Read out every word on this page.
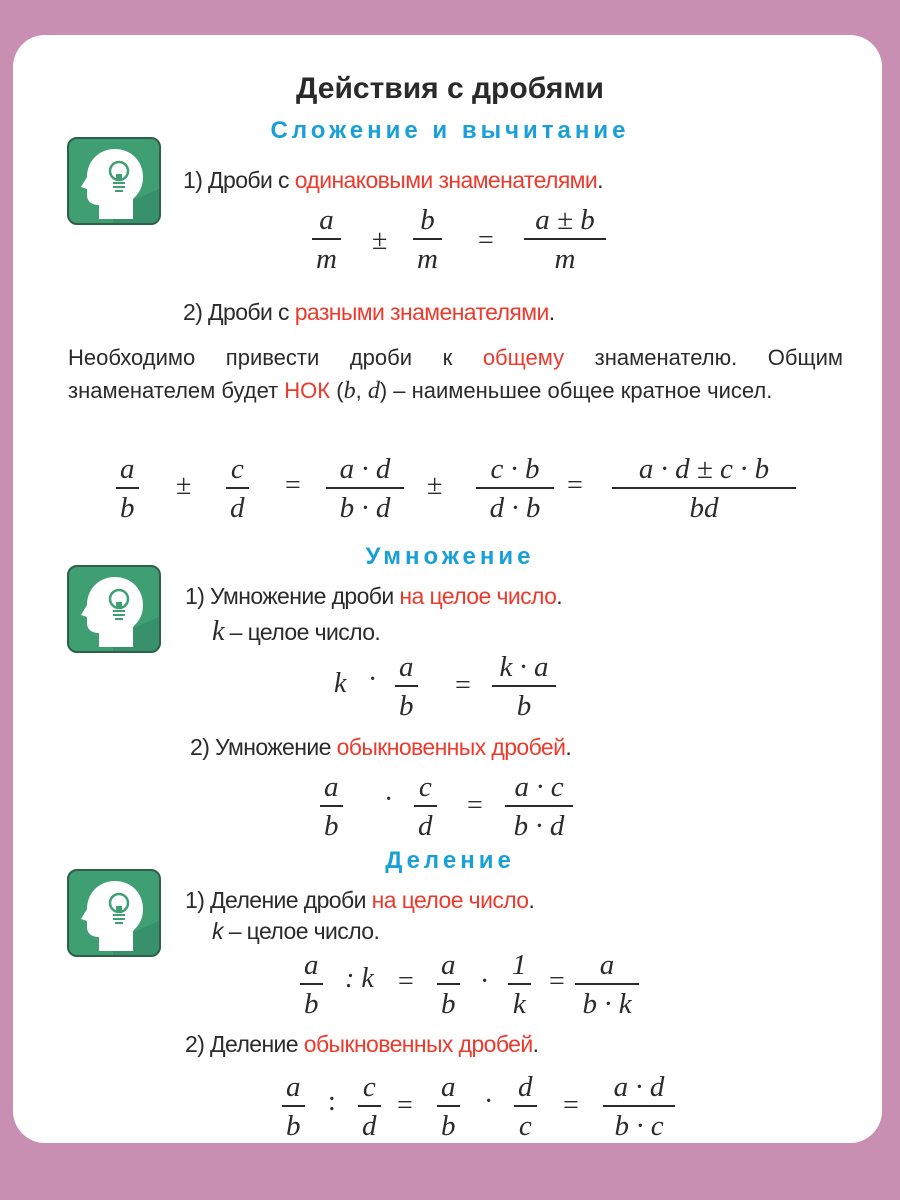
Действия с дробями
Сложение и вычитание
1) Дроби с одинаковыми знаменателями.
a
m
±
b
m
=
a ± b
m
2) Дроби с разными знаменателями.
Необходимо привести дроби к общему знаменателю. Общим знаменателем будет НОК (b, d) – наименьшее общее кратное чисел.
a
b
±
c
d
=
a · d
b · d
±
c · b
d · b
=
a · d ± c · b
bd
Умножение
1) Умножение дроби на целое число.
k – целое число.
k · a
b
=
k · a
b
2) Умножение обыкновенных дробей.
a
b
· c
d
=
a · c
b · d
Деление
1) Деление дроби на целое число.
k – целое число.
a
b
: k =
a
b
·
1
k
=
a
b · k
2) Деление обыкновенных дробей.
a
b
: c
d
=
a
b
· d
c
=
a · d
b · c
